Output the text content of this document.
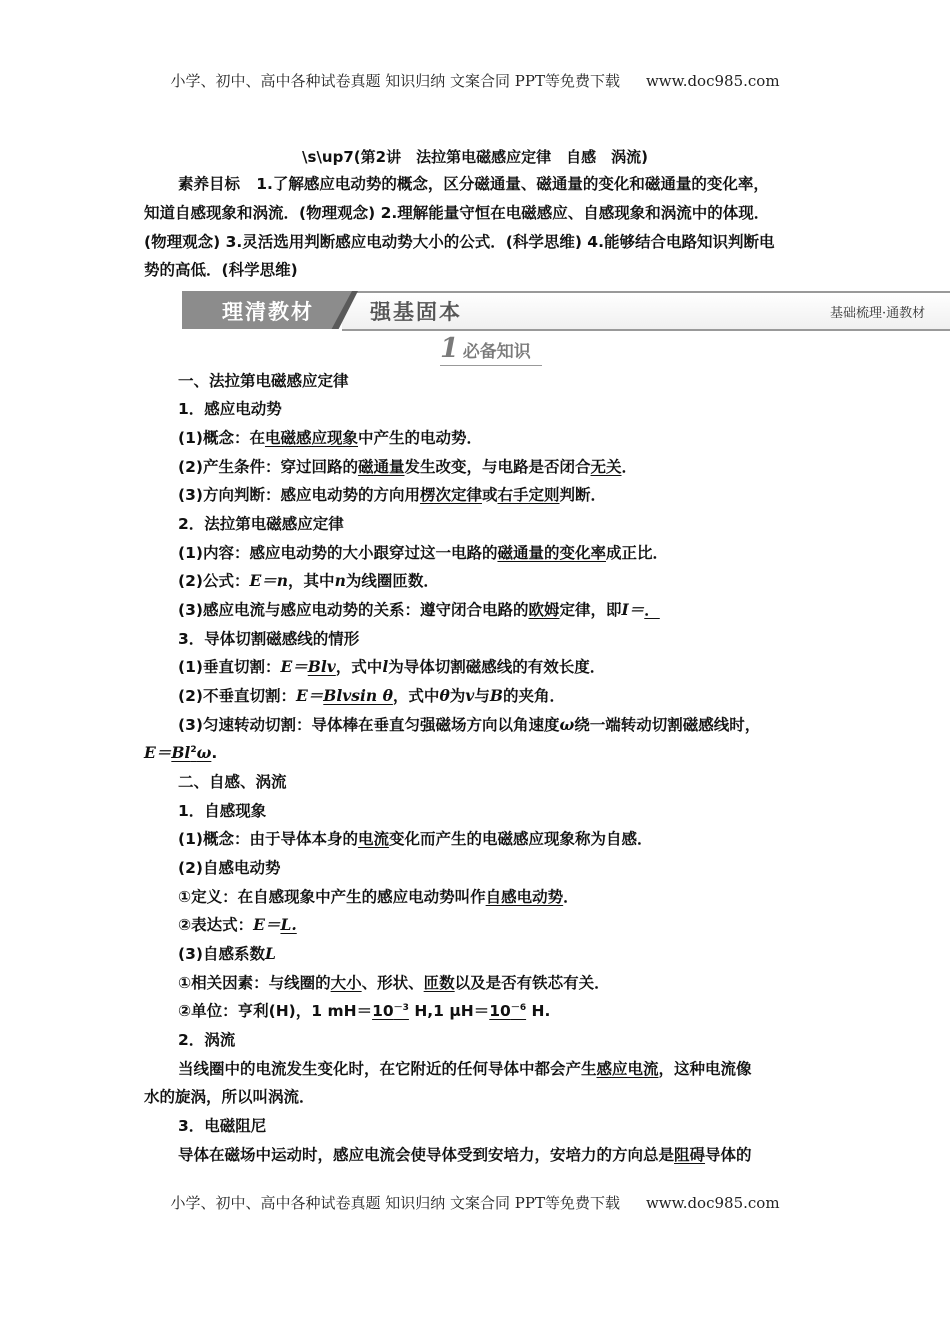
小学、初中、高中各种试卷真题 知识归纳 文案合同 PPT等免费下载 www.doc985.com
\s\up7(第2讲　法拉第电磁感应定律　自感　涡流)
素养目标 1.了解感应电动势的概念，区分磁通量、磁通量的变化和磁通量的变化率，
知道自感现象和涡流．(物理观念) 2.理解能量守恒在电磁感应、自感现象和涡流中的体现．
(物理观念) 3.灵活选用判断感应电动势大小的公式．(科学思维) 4.能够结合电路知识判断电
势的高低．(科学思维)
理清教材	强基固本	基础梳理·通教材
1 必备知识
一、法拉第电磁感应定律
1．感应电动势
(1)概念：在电磁感应现象中产生的电动势．
(2)产生条件：穿过回路的磁通量发生改变，与电路是否闭合无关．
(3)方向判断：感应电动势的方向用楞次定律或右手定则判断．
2．法拉第电磁感应定律
(1)内容：感应电动势的大小跟穿过这一电路的磁通量的变化率成正比．
(2)公式：E＝n，其中n为线圈匝数．
(3)感应电流与感应电动势的关系：遵守闭合电路的欧姆定律，即I＝．
3．导体切割磁感线的情形
(1)垂直切割：E＝Blv，式中l为导体切割磁感线的有效长度．
(2)不垂直切割：E＝Blvsin θ，式中θ为v与B的夹角．
(3)匀速转动切割：导体棒在垂直匀强磁场方向以角速度ω绕一端转动切割磁感线时，
$E=Bl^2\omega$.
二、自感、涡流
1．自感现象
(1)概念：由于导体本身的电流变化而产生的电磁感应现象称为自感．
(2)自感电动势
①定义：在自感现象中产生的感应电动势叫作自感电动势．
②表达式：E＝L.
(3)自感系数L
①相关因素：与线圈的大小、形状、匝数以及是否有铁芯有关．
②单位：亨利(H)，1 $mH=10^{-3}$ H,1 $\mu H=10^{-6}$ H.
2．涡流
当线圈中的电流发生变化时，在它附近的任何导体中都会产生感应电流，这种电流像
水的旋涡，所以叫涡流．
3．电磁阻尼
导体在磁场中运动时，感应电流会使导体受到安培力，安培力的方向总是阻碍导体的
小学、初中、高中各种试卷真题 知识归纳 文案合同 PPT等免费下载 www.doc985.com
